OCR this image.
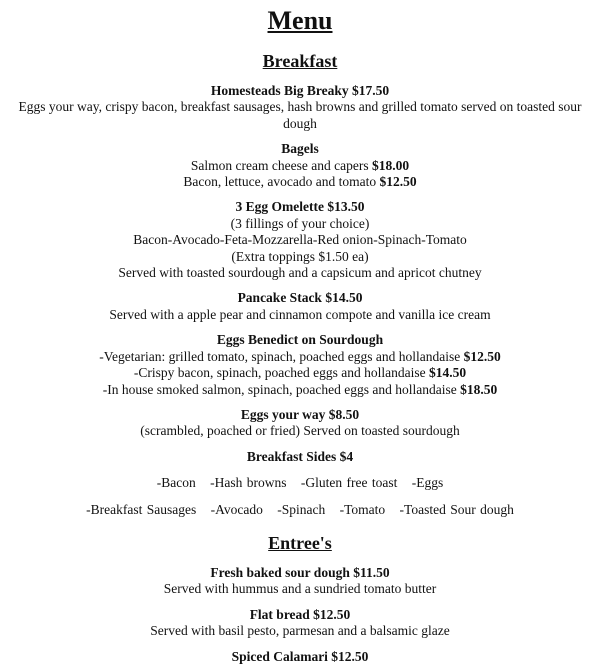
Menu
Breakfast
Homesteads Big Breaky $17.50
Eggs your way, crispy bacon, breakfast sausages, hash browns and grilled tomato served on toasted sour dough
Bagels
Salmon cream cheese and capers $18.00
Bacon, lettuce, avocado and tomato $12.50
3 Egg Omelette $13.50
(3 fillings of your choice)
Bacon-Avocado-Feta-Mozzarella-Red onion-Spinach-Tomato
(Extra toppings $1.50 ea)
Served with toasted sourdough and a capsicum and apricot chutney
Pancake Stack $14.50
Served with a apple pear and cinnamon compote and vanilla ice cream
Eggs Benedict on Sourdough
-Vegetarian: grilled tomato, spinach, poached eggs and hollandaise $12.50
-Crispy bacon, spinach, poached eggs and hollandaise $14.50
-In house smoked salmon, spinach, poached eggs and hollandaise $18.50
Eggs your way $8.50
(scrambled, poached or fried) Served on toasted sourdough
Breakfast Sides $4
-Bacon -Hash browns -Gluten free toast -Eggs
-Breakfast Sausages -Avocado -Spinach -Tomato -Toasted Sour dough
Entree's
Fresh baked sour dough $11.50
Served with hummus and a sundried tomato butter
Flat bread $12.50
Served with basil pesto, parmesan and a balsamic glaze
Spiced Calamari $12.50
